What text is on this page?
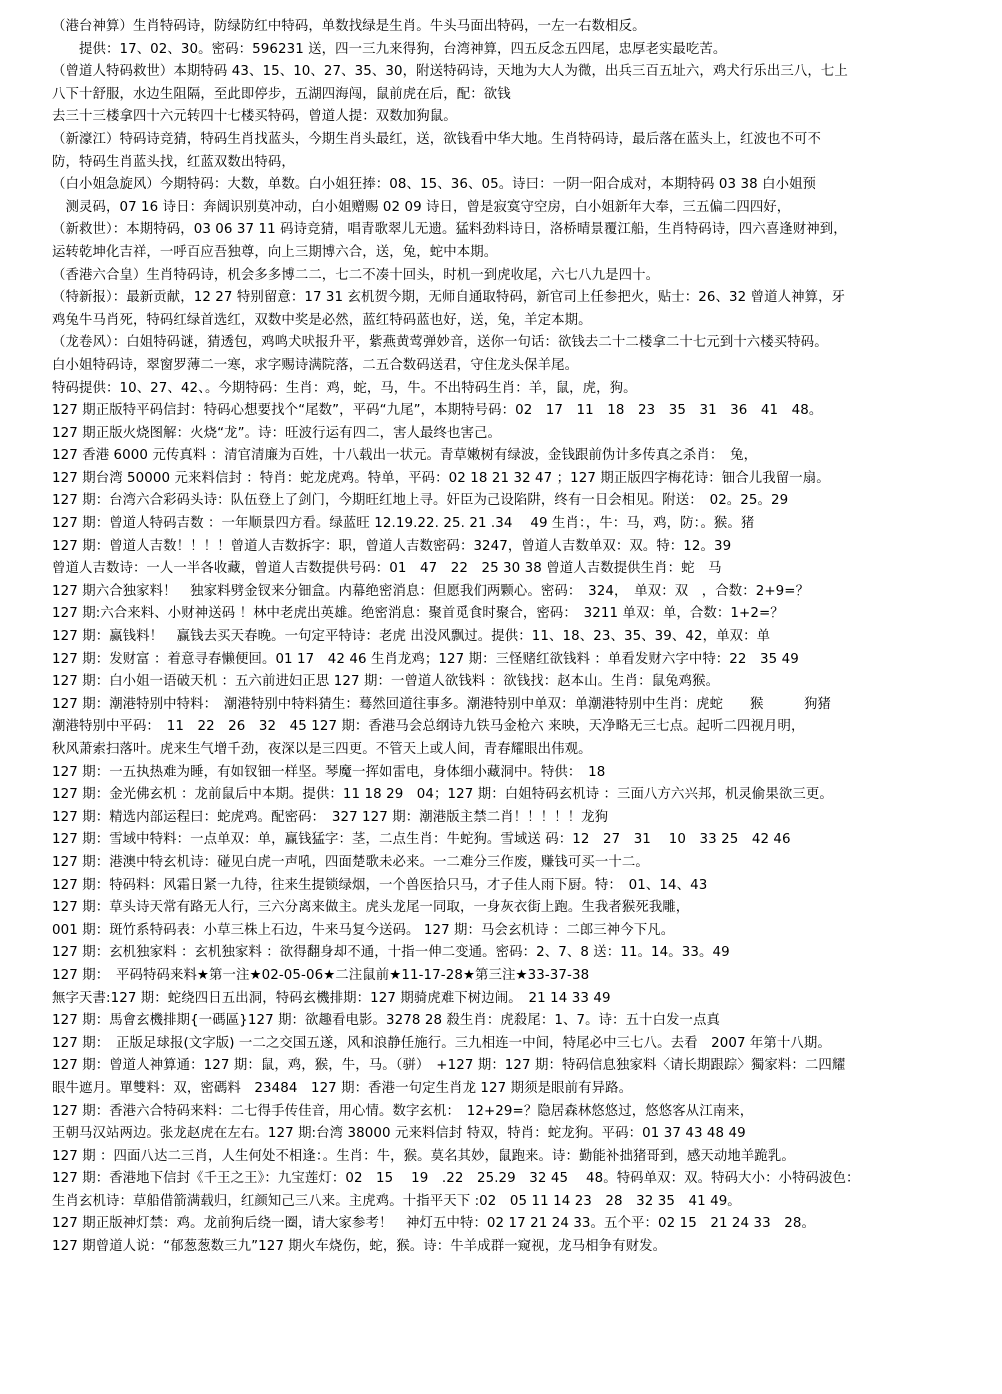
（港台神算）生肖特码诗，防绿防红中特码，单数找绿是生肖。牛头马面出特码，一左一右数相反。
　　提供：17、02、30。密码：596231 送，四一三九来得狗，台湾神算，四五反念五四尾，忠厚老实最吃苦。
（曾道人特码救世）本期特码 43、15、10、27、35、30，附送特码诗，天地为大人为微，出兵三百五址六，鸡犬行乐出三八，七上
八下十舒服，水边生阻隔，至此即停步，五湖四海闯，鼠前虎在后，配：欲钱
去三十三楼拿四十六元转四十七楼买特码，曾道人提：双数加狗鼠。
（新濠江）特码诗竞猜，特码生肖找蓝头，今期生肖头最红，送，欲钱看中华大地。生肖特码诗，最后落在蓝头上，红波也不可不
防，特码生肖蓝头找，红蓝双数出特码，
（白小姐急旋风）今期特码：大数，单数。白小姐狂捧：08、15、36、05。诗曰：一阴一阳合成对，本期特码 03 38 白小姐预
　测灵码，07 16 诗日：奔阔识别莫冲动，白小姐赠赐 02 09 诗日，曾是寂寞守空房，白小姐新年大奉，三五偏二四四好，
（新救世）：本期特码，03 06 37 11 码诗竞猜，唱青歌翠儿无遗。猛料劲料诗日，洛桥晴景覆江船，生肖特码诗，四六喜逢财神到，
运转乾坤化吉祥，一呼百应吾独尊，向上三期博六合，送，兔，蛇中本期。
（香港六合皇）生肖特码诗，机会多多博二二，七二不凑十回头，时机一到虎收尾，六七八九是四十。
（特新报）：最新贡献，12 27 特别留意：17 31 玄机贺今期，无师自通取特码，新官司上任参把火，贴士：26、32 曾道人神算，牙
鸡兔牛马肖死，特码红绿首选红，双数中奖是必然，蓝红特码蓝也好，送，兔，羊定本期。
（龙卷风）：白姐特码谜，猜透包，鸡鸣犬吠报升平，紫燕黄莺弹妙音，送你一句话：欲钱去二十二楼拿二十七元到十六楼买特码。
白小姐特码诗，翠窗罗薄二一寒，求字赐诗满院落，二五合数码送君，守住龙头保羊尾。
特码提供：10、27、42、。今期特码：生肖：鸡，蛇，马，牛。不出特码生肖：羊，鼠，虎，狗。
127 期正版特平码信封：特码心想要找个“尾数”，平码“九尾”，本期特号码：02　17　11　18　23　35　31　36　41　48。
127 期正版火烧图解：火烧“龙”。诗：旺波行运有四二，害人最终也害己。
127 香港 6000 元传真料 ：清官清廉为百姓，十八载出一状元。青草嫩树有绿波，金钱跟前伪计多传真之杀肖：　兔，
127 期台湾 50000 元来料信封 ：特肖：蛇龙虎鸡。特单，平码：02 18 21 32 47 ；127 期正版四字梅花诗：钿合儿我留一扇。
127 期：台湾六合彩码头诗：队伍登上了剑门，今期旺红地上寻。奸臣为己设陷阱，终有一日会相见。附送：　02。25。29
127 期：曾道人特码吉数 ：一年顺景四方看。绿蓝旺 12.19.22. 25. 21 .34 　49 生肖：，牛：马，鸡，防：。猴。猪
127 期：曾道人吉数！！！！曾道人吉数拆字：职，曾道人吉数密码：3247，曾道人吉数单双：双。特：12。39
曾道人吉数诗：一人一半各收藏，曾道人吉数提供号码：01　47　22　25 30 38 曾道人吉数提供生肖：蛇　马
127 期六合独家料！　独家料劈金钗来分钿盒。内幕绝密消息：但愿我们两颗心。密码：　324，　单双：双　，合数：2+9=？
127 期:六合来料、小财神送码 ！林中老虎出英雄。绝密消息：聚首觅食时聚合，密码：　3211 单双：单，合数：1+2=？
127 期：赢钱料！　赢钱去买天春晚。一句定平特诗：老虎 出没风飘过。提供：11、18、23、35、39、42，单双：单
127 期：发财富 ：着意寻春懒便回。01 17　42 46 生肖龙鸡；127 期：三怪赌红欲钱料 ：单看发财六字中特：22　35 49
127 期：白小姐一语破天机 ：五六前进妇正思 127 期：一曾道人欲钱料 ：欲钱找：赵本山。生肖：鼠兔鸡猴。
127 期：潮港特别中特料：　潮港特别中特料猜生：蓦然回道往事多。潮港特别中单双：单潮港特别中生肖：虎蛇　　猴　　　狗猪
潮港特别中平码：　11　22　26　32　45 127 期：香港马会总纲诗九铁马金枪六 来映，天净略无三七点。起听二四视月明，
秋风萧索扫落叶。虎来生气增千劲，夜深以是三四更。不管天上或人间，青春耀眼出伟观。
127 期：一五执热难为睡，有如钗钿一样坚。琴魔一挥如雷电，身体细小藏洞中。特供：　18
127 期：金光佛玄机 ：龙前鼠后中本期。提供：11 18 29　04；127 期：白姐特码玄机诗 ：三面八方六兴邦，机灵偷果欲三更。
127 期：精选内部运程曰：蛇虎鸡。配密码：　327 127 期：潮港版主禁二肖！！！！！龙狗
127 期：雪域中特料：一点单双：单，赢钱猛字：茎，二点生肖：牛蛇狗。雪域送 码：12　27　31　 10　33 25　42 46
127 期：港澳中特玄机诗：碰见白虎一声吼，四面楚歌未必来。一二难分三作废，赚钱可买一十二。
127 期：特码料：风霜日紧一九待，往来生提锁绿烟，一个兽医拾只马，才子佳人雨下厨。特：　01、14、43
127 期：草头诗天常有路无人行，三六分离来做主。虎头龙尾一同取，一身灰衣街上跑。生我者猴死我雕，
001 期：斑竹系特码表：小草三株上石边，牛来马复今送码。 127 期：马会玄机诗 ：二郎三神今下凡。
127 期：玄机独家料 ：玄机独家料 ：欲得翻身却不通，十指一伸二变通。密码：2、7、8 送：11。14。33。49
127 期：　平码特码来料★第一注★02-05-06★二注鼠前★11-17-28★第三注★33-37-38
無字天書:127 期：蛇绕四日五出洞，特码玄機排期：127 期骑虎难下树边闹。　21 14 33 49
127 期：馬會玄機排期{一碼區}127 期：欲趣看电影。3278 28 殺生肖：虎殺尾：1、7。诗：五十白发一点真
127 期：　正版足球报(文字版) 一二之交国五遂，风和浪静任施行。三九相连一中间，特尾必中三七八。去看　2007 年第十八期。
127 期：曾道人神算通：127 期：鼠，鸡，猴，牛，马。（骈）　+127 期：127 期：特码信息独家料〈请长期跟踪〉獨家料：二四耀
眼牛遮月。單雙料：双，密碼料　23484　127 期：香港一句定生肖龙 127 期须是眼前有异路。
127 期：香港六合特码来料：二七得手传佳音，用心情。数字玄机：　12+29=？隐居森林悠悠过，悠悠客从江南来，
王朝马汉站两边。张龙赵虎在左右。127 期:台湾 38000 元来料信封 特双，特肖：蛇龙狗。平码：01 37 43 48 49
127 期 ：四面八达二三肖，人生何处不相逢：。生肖：牛，猴。莫名其妙，鼠跑来。诗：勤能补拙猪哥到，感天动地羊跪乳。
127 期：香港地下信封《千王之王》：九宝莲灯：02　15　 19　.22　25.29　32 45　 48。特码单双：双。特码大小：小特码波色：
生肖玄机诗：草船借箭满载归，红颜知己三八来。主虎鸡。十指平天下 :02　05 11 14 23　28　32 35　41 49。
127 期正版神灯禁：鸡。龙前狗后绕一圈，请大家参考！　神灯五中特：02 17 21 24 33。五个平：02 15　21 24 33　28。
127 期曾道人说：“郁葱葱数三九”127 期火车烧伤，蛇，猴。诗：牛羊成群一窥视，龙马相争有财发。
